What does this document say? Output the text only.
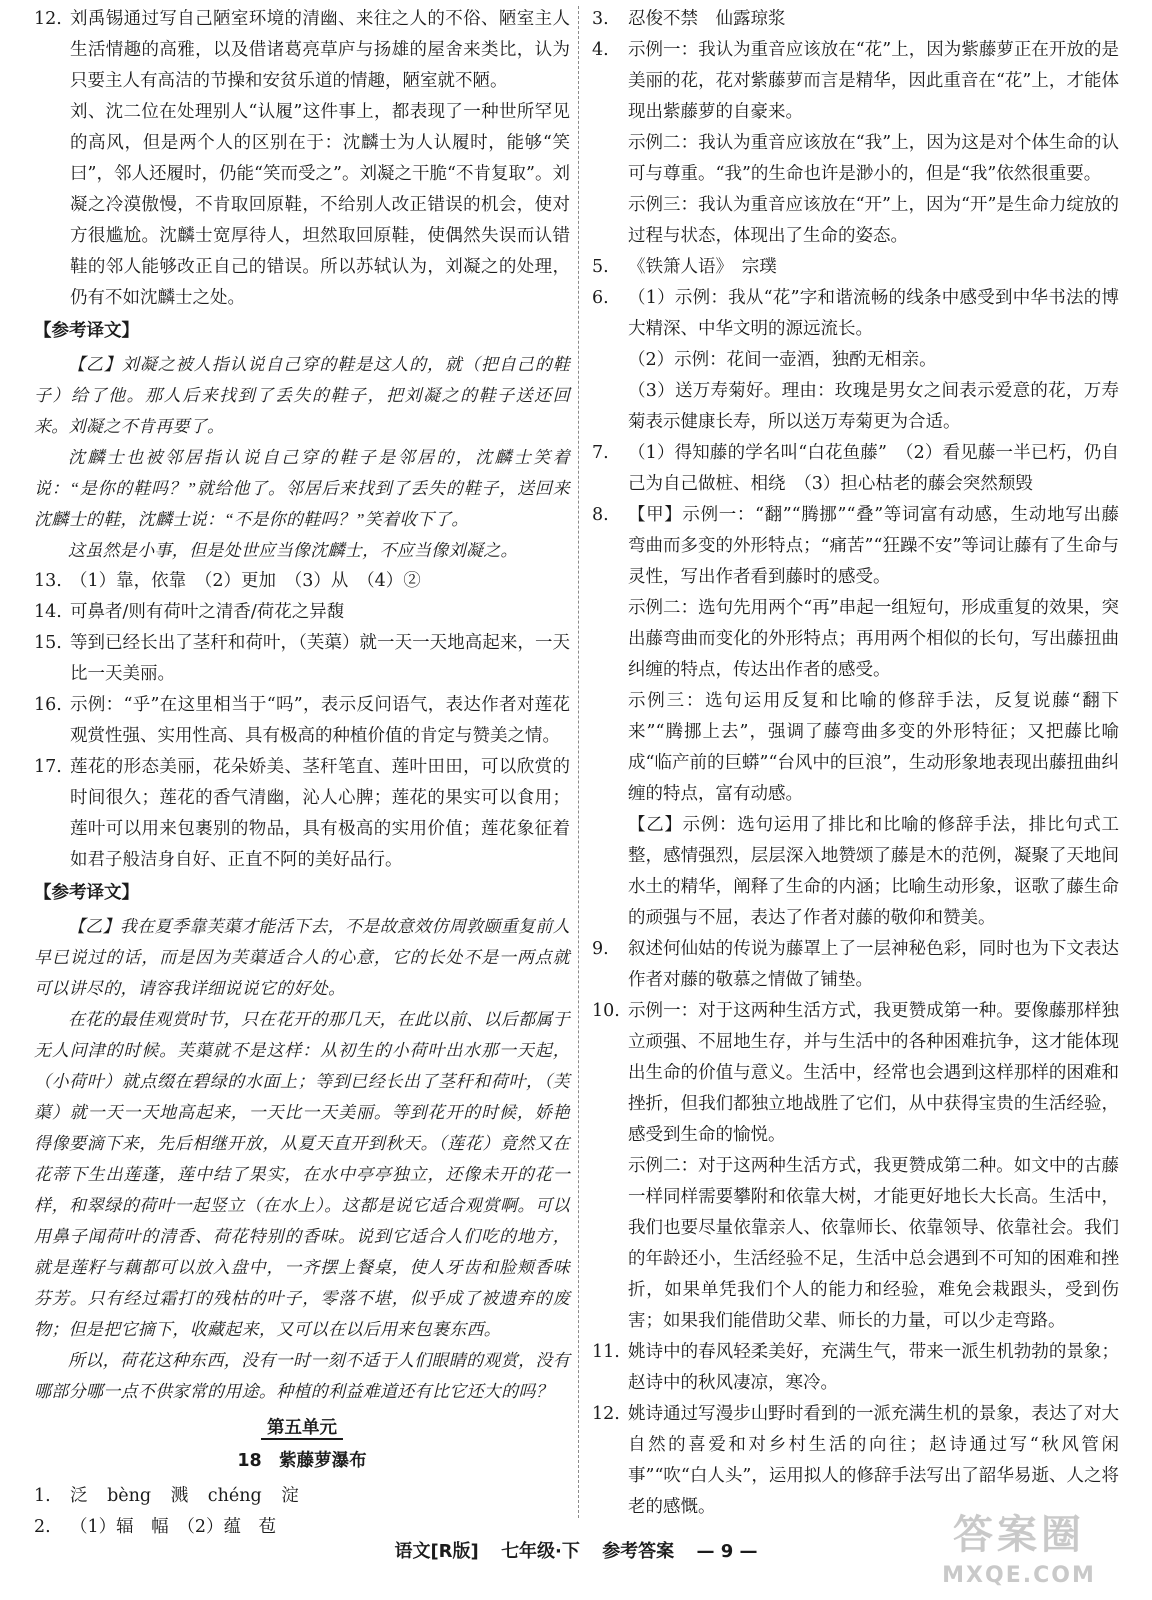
12. 刘禹锡通过写自己陋室环境的清幽、来往之人的不俗、陋室主人生活情趣的高雅，以及借诸葛亮草庐与扬雄的屋舍来类比，认为只要主人有高洁的节操和安贫乐道的情趣，陋室就不陋。

刘、沈二位在处理别人“认履”这件事上，都表现了一种世所罕见的高风，但是两个人的区别在于：沈麟士为人认履时，能够“笑曰”，邻人还履时，仍能“笑而受之”。刘凝之干脆“不肯复取”。刘凝之冷漠傲慢，不肯取回原鞋，不给别人改正错误的机会，使对方很尴尬。沈麟士宽厚待人，坦然取回原鞋，使偶然失误而认错鞋的邻人能够改正自己的错误。所以苏轼认为，刘凝之的处理，仍有不如沈麟士之处。

【参考译文】

【乙】刘凝之被人指认说自己穿的鞋是这人的，就（把自己的鞋子）给了他。那人后来找到了丢失的鞋子，把刘凝之的鞋子送还回来。刘凝之不肯再要了。

沈麟士也被邻居指认说自己穿的鞋子是邻居的，沈麟士笑着说：“是你的鞋吗？”就给他了。邻居后来找到了丢失的鞋子，送回来沈麟士的鞋，沈麟士说：“不是你的鞋吗？”笑着收下了。

这虽然是小事，但是处世应当像沈麟士，不应当像刘凝之。

13. （1）靠，依靠　（2）更加　（3）从　（4）②
14. 可鼻者/则有荷叶之清香/荷花之异馥
15. 等到已经长出了茎秆和荷叶，（芙蕖）就一天一天地高起来，一天比一天美丽。
16. 示例：“乎”在这里相当于“吗”，表示反问语气，表达作者对莲花观赏性强、实用性高、具有极高的种植价值的肯定与赞美之情。
17. 莲花的形态美丽，花朵娇美、茎秆笔直、莲叶田田，可以欣赏的时间很久；莲花的香气清幽，沁人心脾；莲花的果实可以食用；莲叶可以用来包裹别的物品，具有极高的实用价值；莲花象征着如君子般洁身自好、正直不阿的美好品行。
【参考译文】

【乙】我在夏季靠芙蕖才能活下去，不是故意效仿周敦颐重复前人早已说过的话，而是因为芙蕖适合人的心意，它的长处不是一两点就可以讲尽的，请容我详细说说它的好处。

在花的最佳观赏时节，只在花开的那几天，在此以前、以后都属于无人问津的时候。芙蕖就不是这样：从初生的小荷叶出水那一天起，（小荷叶）就点缀在碧绿的水面上；等到已经长出了茎秆和荷叶，（芙蕖）就一天一天地高起来，一天比一天美丽。等到花开的时候，娇艳得像要滴下来，先后相继开放，从夏天直开到秋天。（莲花）竟然又在花蒂下生出莲蓬，莲中结了果实，在水中亭亭独立，还像未开的花一样，和翠绿的荷叶一起竖立（在水上）。这都是说它适合观赏啊。可以用鼻子闻荷叶的清香、荷花特别的香味。说到它适合人们吃的地方，就是莲籽与藕都可以放入盘中，一齐摆上餐桌，使人牙齿和脸颊香味芬芳。只有经过霜打的残枯的叶子，零落不堪，似乎成了被遗弃的废物；但是把它摘下，收藏起来，又可以在以后用来包裹东西。

所以，荷花这种东西，没有一时一刻不适于人们眼睛的观赏，没有哪部分哪一点不供家常的用途。种植的利益难道还有比它还大的吗？

第五单元
18　紫藤萝瀑布
1.	泛 bèng 溅 chéng 淀
2.	（1）辐　幅　（2）蕴　苞
3.	忍俊不禁　仙露琼浆
4.	示例一：我认为重音应该放在“花”上，因为紫藤萝正在开放的是美丽的花，花对紫藤萝而言是精华，因此重音在“花”上，才能体现出紫藤萝的自豪来。

示例二：我认为重音应该放在“我”上，因为这是对个体生命的认可与尊重。“我”的生命也许是渺小的，但是“我”依然很重要。

示例三：我认为重音应该放在“开”上，因为“开”是生命力绽放的过程与状态，体现出了生命的姿态。

5.	《铁箫人语》　宗璞
6.	（1）示例：我从“花”字和谐流畅的线条中感受到中华书法的博大精深、中华文明的源远流长。

（2）示例：花间一壶酒，独酌无相亲。

（3）送万寿菊好。理由：玫瑰是男女之间表示爱意的花，万寿菊表示健康长寿，所以送万寿菊更为合适。

7.	（1）得知藤的学名叫“白花鱼藤”　（2）看见藤一半已朽，仍自己为自己做桩、相绕　（3）担心枯老的藤会突然颓毁
8.	【甲】示例一：“翻”“腾挪”“叠”等词富有动感，生动地写出藤弯曲而多变的外形特点；“痛苦”“狂躁不安”等词让藤有了生命与灵性，写出作者看到藤时的感受。

示例二：选句先用两个“再”串起一组短句，形成重复的效果，突出藤弯曲而变化的外形特点；再用两个相似的长句，写出藤扭曲纠缠的特点，传达出作者的感受。

示例三：选句运用反复和比喻的修辞手法，反复说藤“翻下来”“腾挪上去”，强调了藤弯曲多变的外形特征；又把藤比喻成“临产前的巨蟒”“台风中的巨浪”，生动形象地表现出藤扭曲纠缠的特点，富有动感。

【乙】示例：选句运用了排比和比喻的修辞手法，排比句式工整，感情强烈，层层深入地赞颂了藤是木的范例，凝聚了天地间水土的精华，阐释了生命的内涵；比喻生动形象，讴歌了藤生命的顽强与不屈，表达了作者对藤的敬仰和赞美。

9.	叙述何仙姑的传说为藤罩上了一层神秘色彩，同时也为下文表达作者对藤的敬慕之情做了铺垫。
10. 示例一：对于这两种生活方式，我更赞成第一种。要像藤那样独立顽强、不屈地生存，并与生活中的各种困难抗争，这才能体现出生命的价值与意义。生活中，经常也会遇到这样那样的困难和挫折，但我们都独立地战胜了它们，从中获得宝贵的生活经验，感受到生命的愉悦。

示例二：对于这两种生活方式，我更赞成第二种。如文中的古藤一样同样需要攀附和依靠大树，才能更好地长大长高。生活中，我们也要尽量依靠亲人、依靠师长、依靠领导、依靠社会。我们的年龄还小，生活经验不足，生活中总会遇到不可知的困难和挫折，如果单凭我们个人的能力和经验，难免会栽跟头，受到伤害；如果我们能借助父辈、师长的力量，可以少走弯路。

11. 姚诗中的春风轻柔美好，充满生气，带来一派生机勃勃的景象；赵诗中的秋风凄凉，寒冷。
12. 姚诗通过写漫步山野时看到的一派充满生机的景象，表达了对大自然的喜爱和对乡村生活的向往；赵诗通过写“秋风管闲事”“吹“白人头”，运用拟人的修辞手法写出了韶华易逝、人之将老的感慨。
语文[R版] 七年级·下 参考答案 — 9 —	答案圈
MXQE.COM
